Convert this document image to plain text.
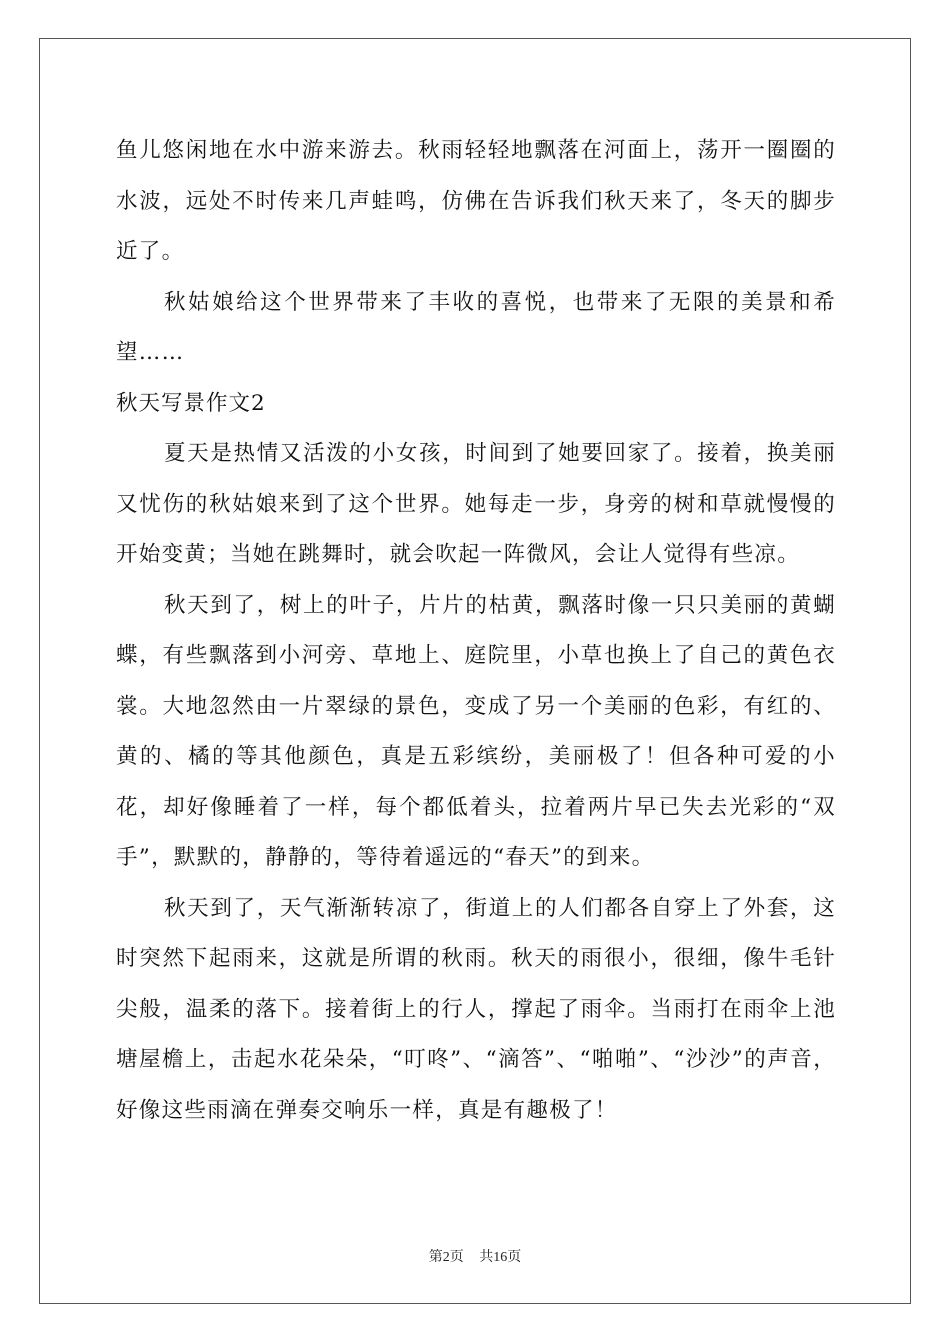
鱼儿悠闲地在水中游来游去。秋雨轻轻地飘落在河面上，荡开一圈圈的水波，远处不时传来几声蛙鸣，仿佛在告诉我们秋天来了，冬天的脚步近了。

秋姑娘给这个世界带来了丰收的喜悦，也带来了无限的美景和希望……

秋天写景作文2

夏天是热情又活泼的小女孩，时间到了她要回家了。接着，换美丽又忧伤的秋姑娘来到了这个世界。她每走一步，身旁的树和草就慢慢的开始变黄；当她在跳舞时，就会吹起一阵微风，会让人觉得有些凉。

秋天到了，树上的叶子，片片的枯黄，飘落时像一只只美丽的黄蝴蝶，有些飘落到小河旁、草地上、庭院里，小草也换上了自己的黄色衣裳。大地忽然由一片翠绿的景色，变成了另一个美丽的色彩，有红的、黄的、橘的等其他颜色，真是五彩缤纷，美丽极了！但各种可爱的小花，却好像睡着了一样，每个都低着头，拉着两片早已失去光彩的“双手”，默默的，静静的，等待着遥远的“春天”的到来。

秋天到了，天气渐渐转凉了，街道上的人们都各自穿上了外套，这时突然下起雨来，这就是所谓的秋雨。秋天的雨很小，很细，像牛毛针尖般，温柔的落下。接着街上的行人，撑起了雨伞。当雨打在雨伞上池塘屋檐上，击起水花朵朵，“叮咚”、“滴答”、“啪啪”、“沙沙”的声音，好像这些雨滴在弹奏交响乐一样，真是有趣极了！

第2页 共16页
